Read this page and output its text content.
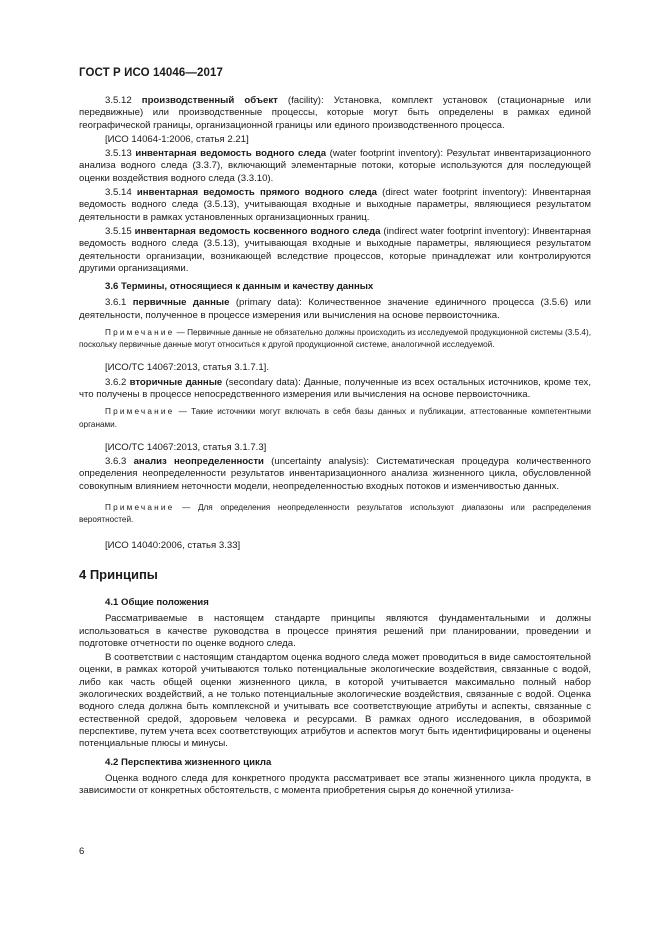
ГОСТ Р ИСО 14046—2017

3.5.12 производственный объект (facility): Установка, комплект установок (стационарные или передвижные) или производственные процессы, которые могут быть определены в рамках единой географической границы, организационной границы или единого производственного процесса.

[ИСО 14064-1:2006, статья 2.21]

3.5.13 инвентарная ведомость водного следа (water footprint inventory): Результат инвентаризационного анализа водного следа (3.3.7), включающий элементарные потоки, которые используются для последующей оценки воздействия водного следа (3.3.10).

3.5.14 инвентарная ведомость прямого водного следа (direct water footprint inventory): Инвентарная ведомость водного следа (3.5.13), учитывающая входные и выходные параметры, являющиеся результатом деятельности в рамках установленных организационных границ.

3.5.15 инвентарная ведомость косвенного водного следа (indirect water footprint inventory): Инвентарная ведомость водного следа (3.5.13), учитывающая входные и выходные параметры, являющиеся результатом деятельности организации, возникающей вследствие процессов, которые принадлежат или контролируются другими организациями.

3.6 Термины, относящиеся к данным и качеству данных

3.6.1 первичные данные (primary data): Количественное значение единичного процесса (3.5.6) или деятельности, полученное в процессе измерения или вычисления на основе первоисточника.

Примечание — Первичные данные не обязательно должны происходить из исследуемой продукционной системы (3.5.4), поскольку первичные данные могут относиться к другой продукционной системе, аналогичной исследуемой.

[ИСО/ТС 14067:2013, статья 3.1.7.1].

3.6.2 вторичные данные (secondary data): Данные, полученные из всех остальных источников, кроме тех, что получены в процессе непосредственного измерения или вычисления на основе первоисточника.

Примечание — Такие источники могут включать в себя базы данных и публикации, аттестованные компетентными органами.

[ИСО/ТС 14067:2013, статья 3.1.7.3]

3.6.3 анализ неопределенности (uncertainty analysis): Систематическая процедура количественного определения неопределенности результатов инвентаризационного анализа жизненного цикла, обусловленной совокупным влиянием неточности модели, неопределенностью входных потоков и изменчивостью данных.

Примечание — Для определения неопределенности результатов используют диапазоны или распределения вероятностей.

[ИСО 14040:2006, статья 3.33]

4 Принципы
4.1 Общие положения

Рассматриваемые в настоящем стандарте принципы являются фундаментальными и должны использоваться в качестве руководства в процессе принятия решений при планировании, проведении и подготовке отчетности по оценке водного следа.

В соответствии с настоящим стандартом оценка водного следа может проводиться в виде самостоятельной оценки, в рамках которой учитываются только потенциальные экологические воздействия, связанные с водой, либо как часть общей оценки жизненного цикла, в которой учитывается максимально полный набор экологических воздействий, а не только потенциальные экологические воздействия, связанные с водой. Оценка водного следа должна быть комплексной и учитывать все соответствующие атрибуты и аспекты, связанные с естественной средой, здоровьем человека и ресурсами. В рамках одного исследования, в обозримой перспективе, путем учета всех соответствующих атрибутов и аспектов могут быть идентифицированы и оценены потенциальные плюсы и минусы.

4.2 Перспектива жизненного цикла

Оценка водного следа для конкретного продукта рассматривает все этапы жизненного цикла продукта, в зависимости от конкретных обстоятельств, с момента приобретения сырья до конечной утилиза-

6
